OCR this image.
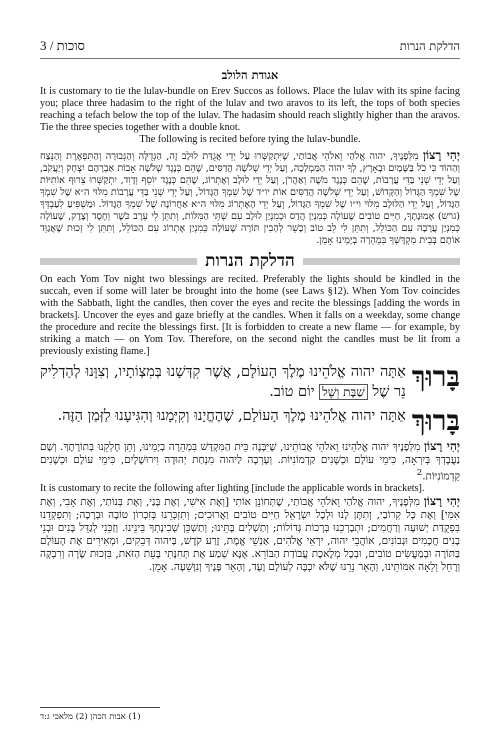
3 / סוכות	הדלקת הנרות
אגודת הלולב
It is customary to tie the lulav-bundle on Erev Succos as follows. Place the lulav with its spine facing you; place three hadasim to the right of the lulav and two aravos to its left, the tops of both species reaching a tefach below the top of the lulav. The hadasim should reach slightly higher than the aravos. Tie the three species together with a double knot.
The following is recited before tying the lulav-bundle.
יְהִי רָצוֹן מִלְּפָנֶיךָ, יהוה אֱלֹהַי וֵאלֹהֵי אֲבוֹתַי, שֶׁיִּתְקַשְּׁרוּ עַל יְדֵי אֲגֻדַּת לוּלָב זֶה, הַגְּדֻלָּה וְהַגְּבוּרָה וְהַתִּפְאֶרֶת וְהַנֵּצַח וְהַהוֹד כִּי כֹל בַּשָּׁמַיִם וּבָאָרֶץ, לְךָ יהוה הַמַּמְלָכָה, וְעַל יְדֵי שְׁלֹשָׁה הֲדַסִּים, שֶׁהֵם כְּנֶגֶד שְׁלֹשָׁה אָבוֹת אַבְרָהָם יִצְחָק וְיַעֲקֹב, וְעַל יְדֵי שְׁנֵי בַּדֵּי עֲרָבוֹת, שֶׁהֵם כְּנֶגֶד מֹשֶׁה וְאַהֲרֹן, וְעַל יְדֵי לוּלָב וְאֶתְרוֹג, שֶׁהֵם כְּנֶגֶד יוֹסֵף וְדָוִד, יִתְקַשְּׁרוּ צֵרוּף אוֹתִיּוֹת שֶׁל שִׁמְךָ הַגָּדוֹל וְהַקָּדוֹשׁ, וְעַל יְדֵי שְׁלֹשָׁה הֲדַסִּים אוֹת יו״ד שֶׁל שִׁמְךָ הַגָּדוֹל, וְעַל יְדֵי שְׁנֵי בַּדֵּי עֲרָבוֹת מִלּוּי ה״א שֶׁל שִׁמְךָ הַגָּדוֹל, וְעַל יְדֵי הַלּוּלָב מִלּוּי וי״ו שֶׁל שִׁמְךָ הַגָּדוֹל, וְעַל יְדֵי הָאֶתְרוֹג מִלּוּי ה״א אַחֲרוֹנָה שֶׁל שִׁמְךָ הַגָּדוֹל. וּמַשְׁפִּיעַ לְעַבְדְּךָ (גרש) אֶמוּנָתֶךָ, חַיִּים טוֹבִים שֶׁעוֹלָה כְּמִנְיַן הֲדַס וּכְמִנְיַן לוּלָב עִם שְׁתֵּי הַמִּלּוֹת, וְתִתֵּן לִי עֵרֶב כֹּשֶׁר וְחֶסֶד וְצֶדֶק, שֶׁעוֹלָה כְּמִנְיַן עֲרָבָה עִם הַכּוֹלֵל, וְתִתֵּן לִי לֵב טוֹב וְכָשֵׁר לְהָבִין תּוֹרָה שֶׁעוֹלָה כְּמִנְיַן אֶתְרוֹג עִם הַכּוֹלֵל, וְתִתֵּן לִי זְכוּת שֶׁאֲגַוֵּד אוֹתָם בְּבֵית מִקְדָּשְׁךָ בִּמְהֵרָה בְיָמֵינוּ אָמֵן.
הדלקת הנרות
On each Yom Tov night two blessings are recited. Preferably the lights should be kindled in the succah, even if some will later be brought into the home (see Laws §12). When Yom Tov coincides with the Sabbath, light the candles, then cover the eyes and recite the blessings [adding the words in brackets]. Uncover the eyes and gaze briefly at the candles. When it falls on a weekday, some change the procedure and recite the blessings first. [It is forbidden to create a new flame — for example, by striking a match — on Yom Tov. Therefore, on the second night the candles must be lit from a previously existing flame.]
בָּרוּךְ
אַתָּה יהוה אֱלֹהֵינוּ מֶלֶךְ הָעוֹלָם, אֲשֶׁר קִדְּשָׁנוּ בְּמִצְוֹתָיו, וְצִוָּנוּ לְהַדְלִיק נֵר שֶׁל שַׁבָּת וְשֶׁל יוֹם טוֹב.
בָּרוּךְ
אַתָּה יהוה אֱלֹהֵינוּ מֶלֶךְ הָעוֹלָם, שֶׁהֶחֱיָנוּ וְקִיְּמָנוּ וְהִגִּיעָנוּ לַזְּמַן הַזֶּה.
יְהִי רָצוֹן מִלְּפָנֶיךָ יהוה אֱלֹהֵינוּ וֵאלֹהֵי אֲבוֹתֵינוּ, שֶׁיִּבָּנֶה בֵּית הַמִּקְדָּשׁ בִּמְהֵרָה בְיָמֵינוּ, וְתֵן חֶלְקֵנוּ בְּתוֹרָתֶךָ. וְשָׁם נַעֲבָדְךָ בְּיִרְאָה, כִּימֵי עוֹלָם וּכְשָׁנִים קַדְמוֹנִיּוֹת. וְעָרְבָה לַיהוה מִנְחַת יְהוּדָה וִירוּשָׁלָיִם, כִּימֵי עוֹלָם וּכְשָׁנִים קַדְמוֹנִיּוֹת.$^2$
It is customary to recite the following after lighting [include the applicable words in brackets].
יְהִי רָצוֹן מִלְּפָנֶיךָ, יהוה אֱלֹהַי וֵאלֹהֵי אֲבוֹתַי, שֶׁתְּחוֹנֵן אוֹתִי [וְאֶת אִישִׁי, וְאֶת בָּנַי, וְאֶת בְּנוֹתַי, וְאֶת אָבִי, וְאֶת אִמִּי] וְאֶת כָּל קְרוֹבַי, וְתִתֶּן לָנוּ וּלְכָל יִשְׂרָאֵל חַיִּים טוֹבִים וַאֲרוּכִים; וְתִזְכְּרֵנוּ בְּזִכְרוֹן טוֹבָה וּבְרָכָה; וְתִפְקְדֵנוּ בִּפְקֻדַּת יְשׁוּעָה וְרַחֲמִים; וּתְבָרְכֵנוּ בְּרָכוֹת גְּדוֹלוֹת; וְתַשְׁלִים בָּתֵּינוּ; וְתַשְׁכֵּן שְׁכִינָתְךָ בֵּינֵינוּ. וְזַכֵּנִי לְגַדֵּל בָּנִים וּבְנֵי בָנִים חֲכָמִים וּנְבוֹנִים, אוֹהֲבֵי יהוה, יִרְאֵי אֱלֹהִים, אַנְשֵׁי אֱמֶת, זֶרַע קֹדֶשׁ, בַּיהוה דְּבֵקִים, וּמְאִירִים אֶת הָעוֹלָם בַּתּוֹרָה וּבְמַעֲשִׂים טוֹבִים, וּבְכָל מְלֶאכֶת עֲבוֹדַת הַבּוֹרֵא. אָנָּא שְׁמַע אֶת תְּחִנָּתִי בָּעֵת הַזֹּאת, בִּזְכוּת שָׂרָה וְרִבְקָה וְרָחֵל וְלֵאָה אִמּוֹתֵינוּ, וְהָאֵר נֵרֵנוּ שֶׁלֹּא יִכְבֶּה לְעוֹלָם וָעֶד, וְהָאֵר פָּנֶיךָ וְנִוָּשֵׁעָה. אָמֵן.
(1) אבות הכהן (2) מלאכי ג:ד
